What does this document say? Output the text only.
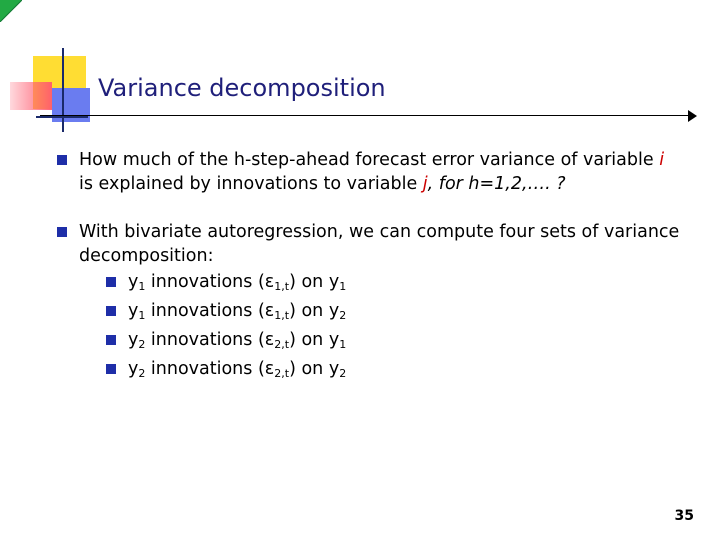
Variance decomposition
How much of the h-step-ahead forecast error variance of variable i
is explained by innovations to variable j, for h=1,2,…. ?
With bivariate autoregression, we can compute four sets of variance decomposition:
$y_1$ innovations $(\varepsilon_{1,t})$ on $y_1$
$y_1$ innovations $(\varepsilon_{1,t})$ on $y_2$
$y_2$ innovations $(\varepsilon_{2,t})$ on $y_1$
$y_2$ innovations $(\varepsilon_{2,t})$ on $y_2$
35
